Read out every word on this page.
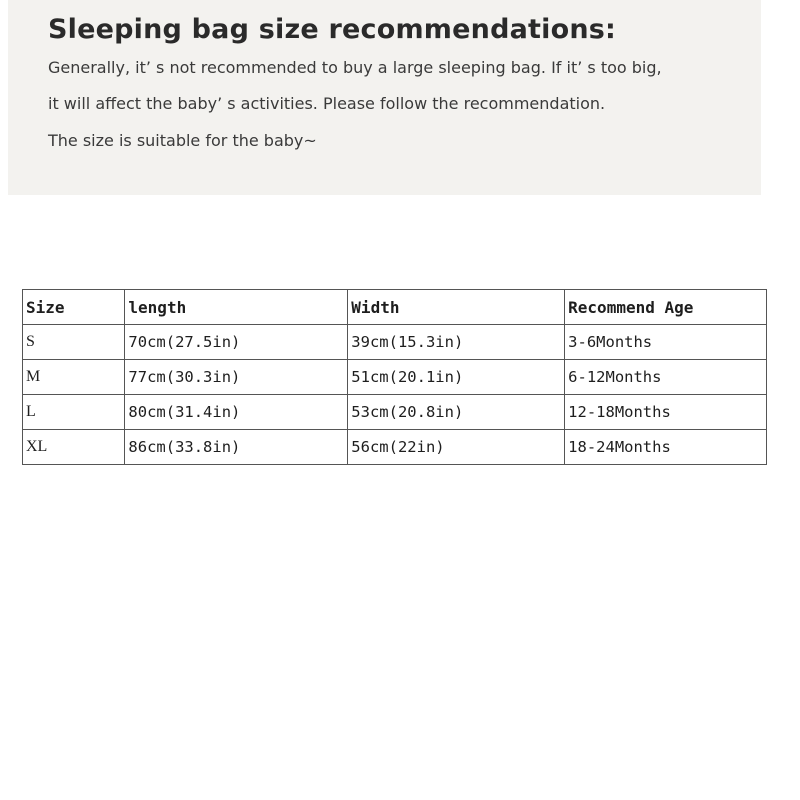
Sleeping bag size recommendations:

Generally, it’ s not recommended to buy a large sleeping bag. If it’ s too big,

it will affect the baby’ s activities. Please follow the recommendation.

The size is suitable for the baby~

Size	length	Width	Recommend Age
S	70cm(27.5in)	39cm(15.3in)	3-6Months
M	77cm(30.3in)	51cm(20.1in)	6-12Months
L	80cm(31.4in)	53cm(20.8in)	12-18Months
XL	86cm(33.8in)	56cm(22in)	18-24Months
